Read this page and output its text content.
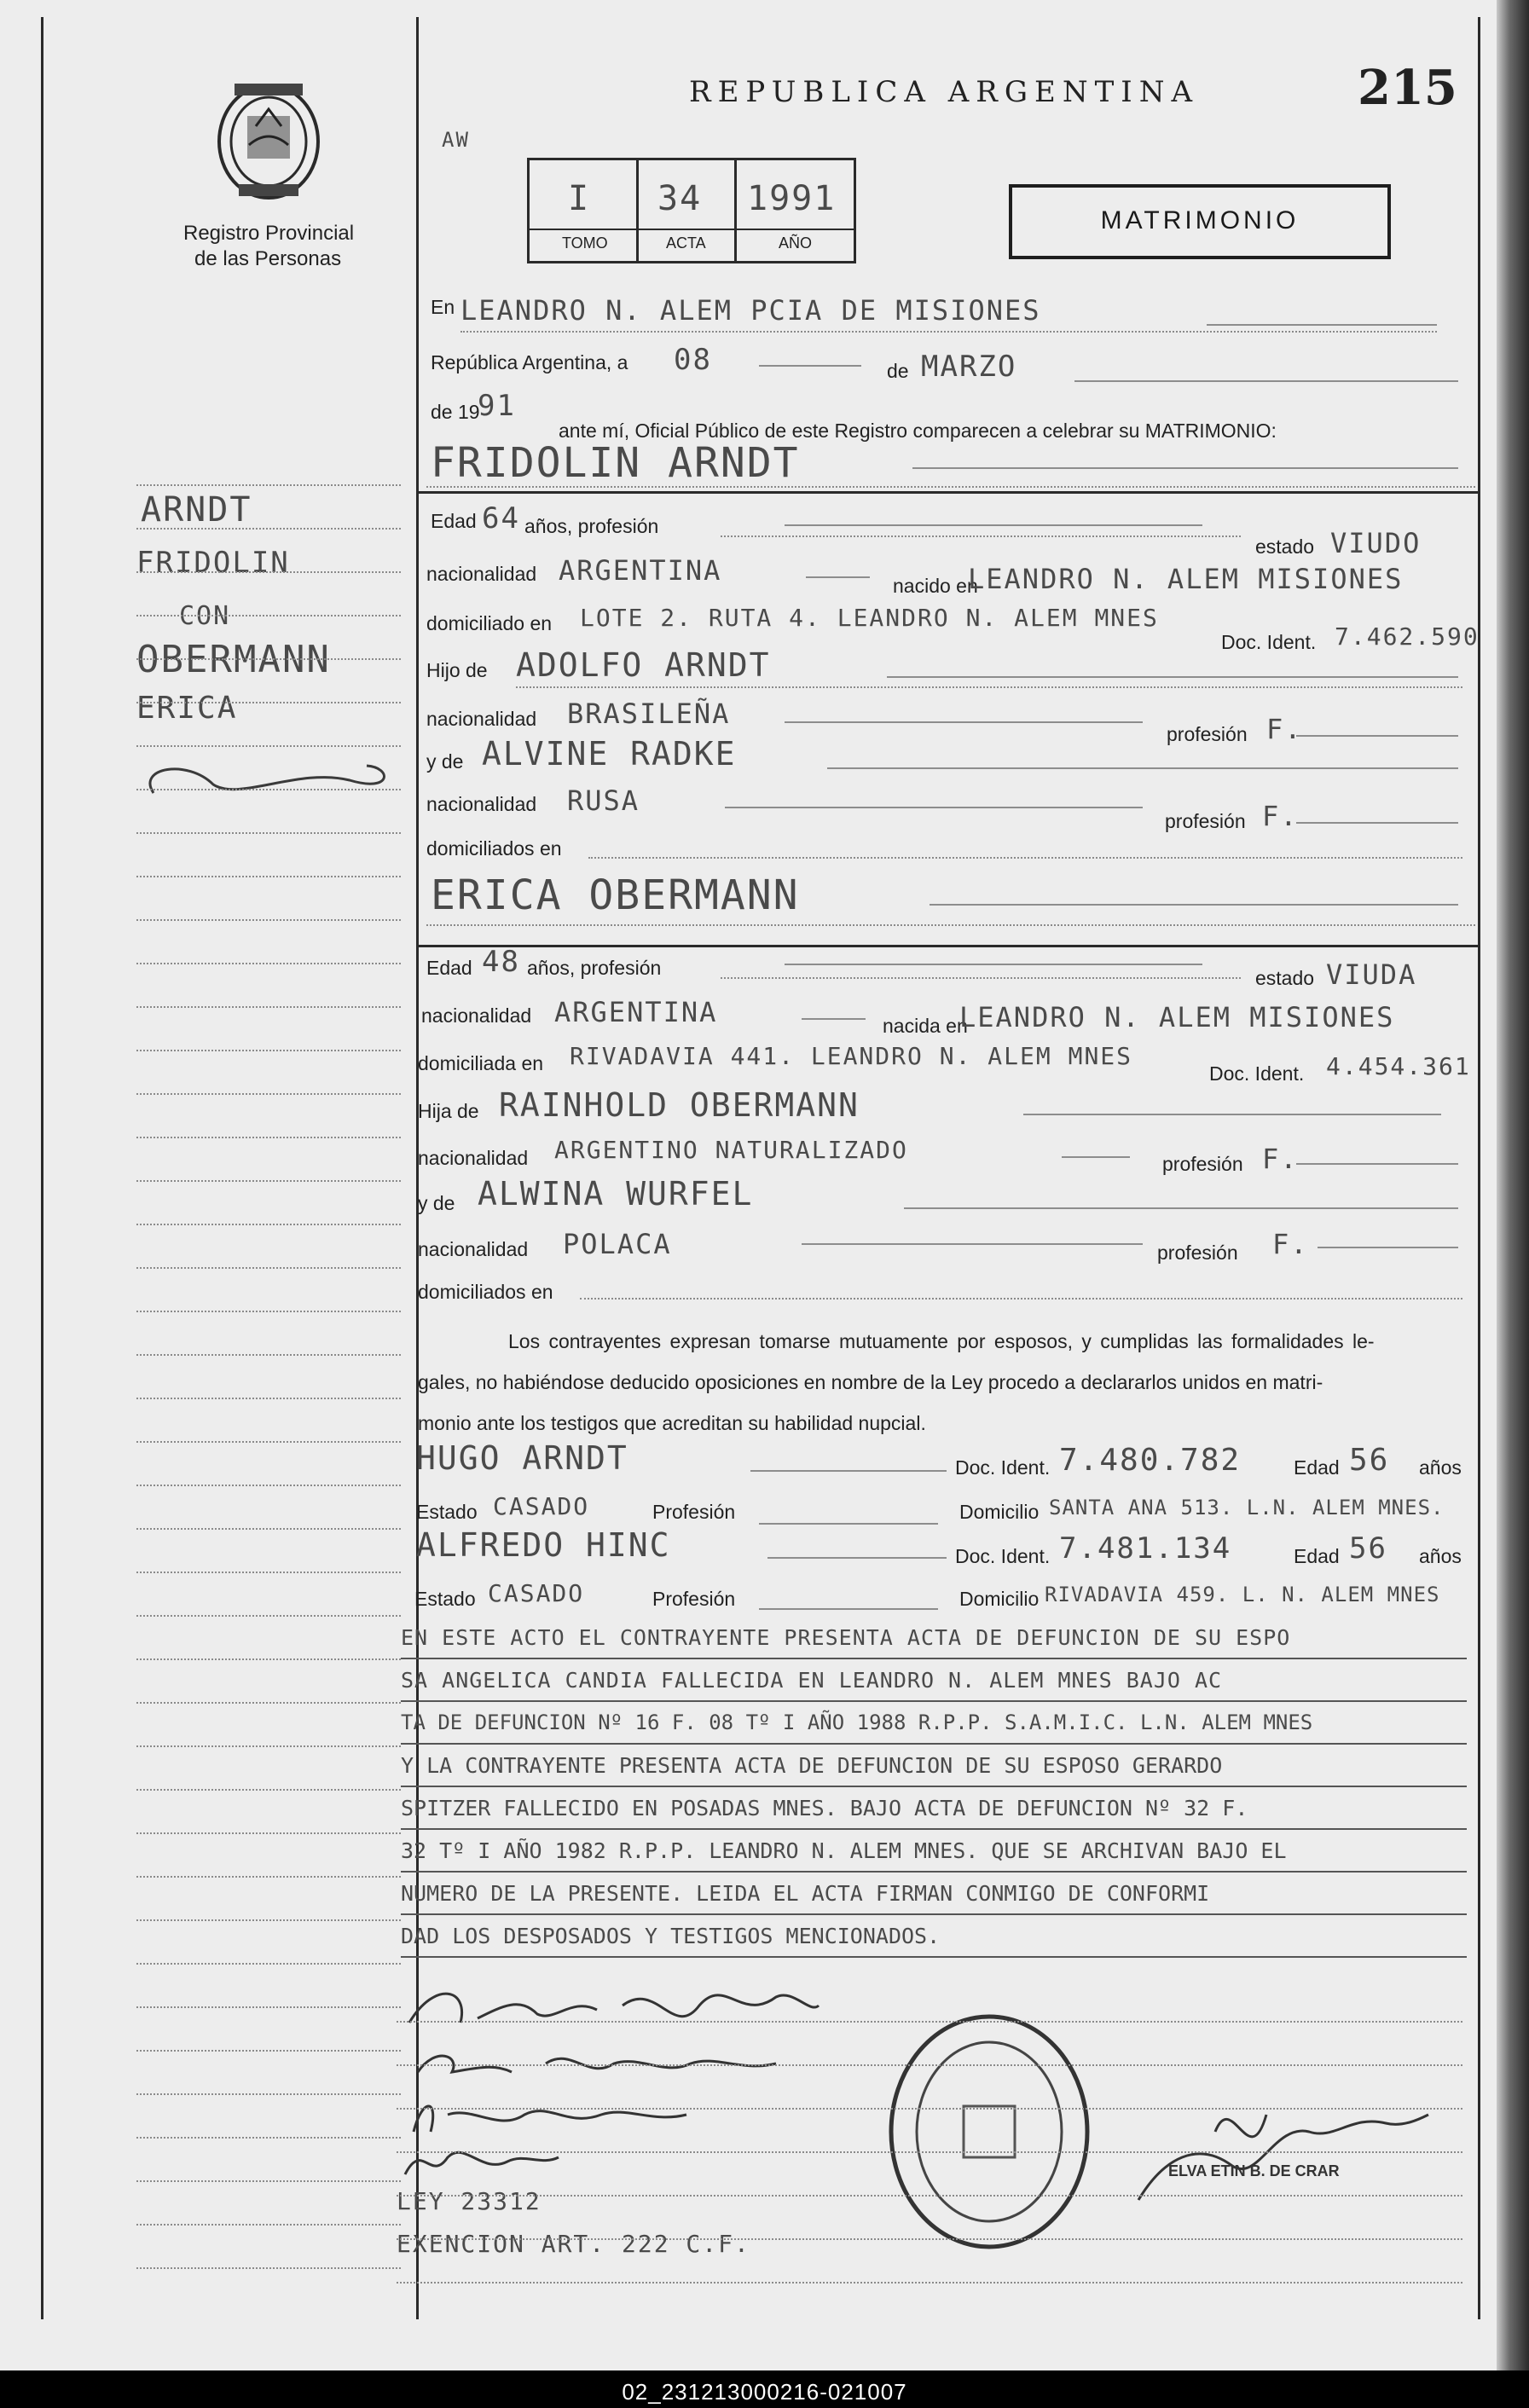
215
Registro Provincial
de las Personas
REPUBLICA ARGENTINA
AW
I 34 1991
TOMO	ACTA	AÑO
MATRIMONIO
ARNDT
FRIDOLIN
CON
OBERMANN
ERICA
En LEANDRO N. ALEM PCIA DE MISIONES
República Argentina, a 08	de MARZO
de 19
91
ante mí, Oficial Público de este Registro comparecen a celebrar su MATRIMONIO:
FRIDOLIN ARNDT
Edad 64 años, profesión
estado VIUDO
nacionalidad ARGENTINA	nacido en
LEANDRO N. ALEM MISIONES
domiciliado en LOTE 2. RUTA 4. LEANDRO N. ALEM MNES
Doc. Ident. 7.462.590
Hijo de ADOLFO ARNDT
nacionalidad BRASILEÑA
profesión F.
y de ALVINE RADKE
nacionalidad RUSA
profesión F.
domiciliados en
ERICA OBERMANN
Edad 48 años, profesión	estado VIUDA
nacionalidad ARGENTINA	nacida en
LEANDRO N. ALEM MISIONES
domiciliada en RIVADAVIA 441. LEANDRO N. ALEM MNES
Doc. Ident. 4.454.361
Hija de RAINHOLD OBERMANN
nacionalidad ARGENTINO NATURALIZADO	profesión F.
y de ALWINA WURFEL
nacionalidad POLACA	profesión F.
domiciliados en
Los contrayentes expresan tomarse mutuamente por esposos, y cumplidas las formalidades le-
gales, no habiéndose deducido oposiciones en nombre de la Ley procedo a declararlos unidos en matri-
monio ante los testigos que acreditan su habilidad nupcial.
HUGO ARNDT	Doc. Ident. 7.480.782	Edad 56 años
Estado CASADO	Profesión	Domicilio SANTA ANA 513. L.N. ALEM MNES.
ALFREDO HINC	Doc. Ident. 7.481.134	Edad 56 años
Estado CASADO	Profesión	Domicilio RIVADAVIA 459. L. N. ALEM MNES
EN ESTE ACTO EL CONTRAYENTE PRESENTA ACTA DE DEFUNCION DE SU ESPO
SA ANGELICA CANDIA FALLECIDA EN LEANDRO N. ALEM MNES BAJO AC
TA DE DEFUNCION Nº 16 F. 08 Tº I AÑO 1988 R.P.P. S.A.M.I.C. L.N. ALEM MNES
Y LA CONTRAYENTE PRESENTA ACTA DE DEFUNCION DE SU ESPOSO GERARDO
SPITZER FALLECIDO EN POSADAS MNES. BAJO ACTA DE DEFUNCION Nº 32 F.
32 Tº I AÑO 1982 R.P.P. LEANDRO N. ALEM MNES. QUE SE ARCHIVAN BAJO EL
NUMERO DE LA PRESENTE. LEIDA EL ACTA FIRMAN CONMIGO DE CONFORMI
DAD LOS DESPOSADOS Y TESTIGOS MENCIONADOS.
LEY 23312
EXENCION ART. 222 C.F.
ELVA ETIN B. DE CRAR
02_231213000216-021007
